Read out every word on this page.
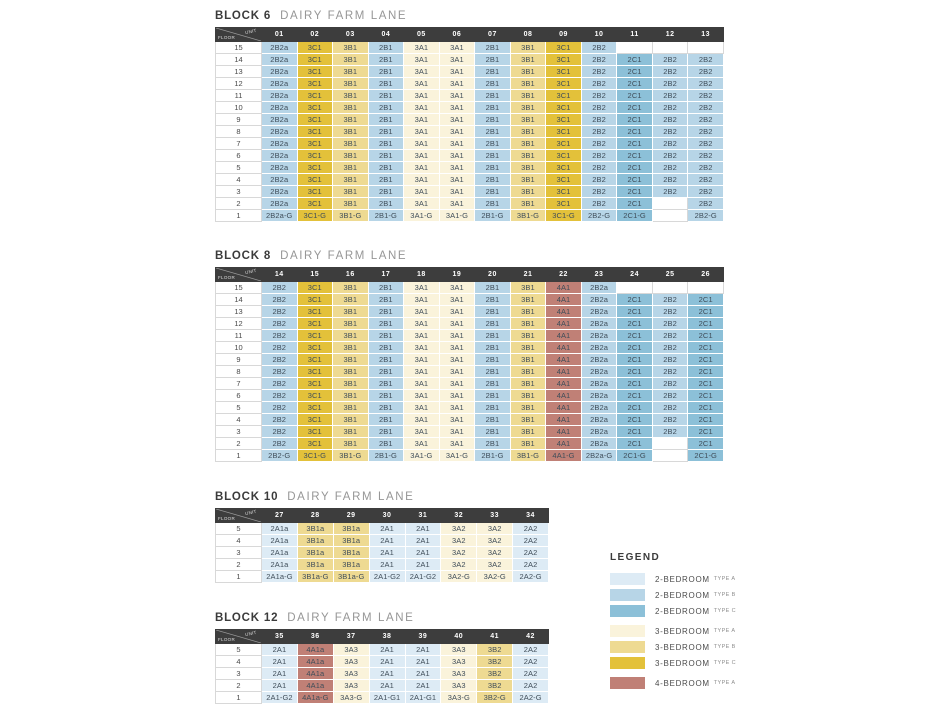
BLOCK 6 DAIRY FARM LANE
UNIT
FLOOR	01	02	03	04	05	06	07	08	09	10	11	12	13
15	2B2a	3C1	3B1	2B1	3A1	3A1	2B1	3B1	3C1	2B2			
14	2B2a	3C1	3B1	2B1	3A1	3A1	2B1	3B1	3C1	2B2	2C1	2B2	2B2
13	2B2a	3C1	3B1	2B1	3A1	3A1	2B1	3B1	3C1	2B2	2C1	2B2	2B2
12	2B2a	3C1	3B1	2B1	3A1	3A1	2B1	3B1	3C1	2B2	2C1	2B2	2B2
11	2B2a	3C1	3B1	2B1	3A1	3A1	2B1	3B1	3C1	2B2	2C1	2B2	2B2
10	2B2a	3C1	3B1	2B1	3A1	3A1	2B1	3B1	3C1	2B2	2C1	2B2	2B2
9	2B2a	3C1	3B1	2B1	3A1	3A1	2B1	3B1	3C1	2B2	2C1	2B2	2B2
8	2B2a	3C1	3B1	2B1	3A1	3A1	2B1	3B1	3C1	2B2	2C1	2B2	2B2
7	2B2a	3C1	3B1	2B1	3A1	3A1	2B1	3B1	3C1	2B2	2C1	2B2	2B2
6	2B2a	3C1	3B1	2B1	3A1	3A1	2B1	3B1	3C1	2B2	2C1	2B2	2B2
5	2B2a	3C1	3B1	2B1	3A1	3A1	2B1	3B1	3C1	2B2	2C1	2B2	2B2
4	2B2a	3C1	3B1	2B1	3A1	3A1	2B1	3B1	3C1	2B2	2C1	2B2	2B2
3	2B2a	3C1	3B1	2B1	3A1	3A1	2B1	3B1	3C1	2B2	2C1	2B2	2B2
2	2B2a	3C1	3B1	2B1	3A1	3A1	2B1	3B1	3C1	2B2	2C1		2B2
1	2B2a-G	3C1-G	3B1-G	2B1-G	3A1-G	3A1-G	2B1-G	3B1-G	3C1-G	2B2-G	2C1-G		2B2-G
BLOCK 8 DAIRY FARM LANE
UNIT
FLOOR	14	15	16	17	18	19	20	21	22	23	24	25	26
15	2B2	3C1	3B1	2B1	3A1	3A1	2B1	3B1	4A1	2B2a			
14	2B2	3C1	3B1	2B1	3A1	3A1	2B1	3B1	4A1	2B2a	2C1	2B2	2C1
13	2B2	3C1	3B1	2B1	3A1	3A1	2B1	3B1	4A1	2B2a	2C1	2B2	2C1
12	2B2	3C1	3B1	2B1	3A1	3A1	2B1	3B1	4A1	2B2a	2C1	2B2	2C1
11	2B2	3C1	3B1	2B1	3A1	3A1	2B1	3B1	4A1	2B2a	2C1	2B2	2C1
10	2B2	3C1	3B1	2B1	3A1	3A1	2B1	3B1	4A1	2B2a	2C1	2B2	2C1
9	2B2	3C1	3B1	2B1	3A1	3A1	2B1	3B1	4A1	2B2a	2C1	2B2	2C1
8	2B2	3C1	3B1	2B1	3A1	3A1	2B1	3B1	4A1	2B2a	2C1	2B2	2C1
7	2B2	3C1	3B1	2B1	3A1	3A1	2B1	3B1	4A1	2B2a	2C1	2B2	2C1
6	2B2	3C1	3B1	2B1	3A1	3A1	2B1	3B1	4A1	2B2a	2C1	2B2	2C1
5	2B2	3C1	3B1	2B1	3A1	3A1	2B1	3B1	4A1	2B2a	2C1	2B2	2C1
4	2B2	3C1	3B1	2B1	3A1	3A1	2B1	3B1	4A1	2B2a	2C1	2B2	2C1
3	2B2	3C1	3B1	2B1	3A1	3A1	2B1	3B1	4A1	2B2a	2C1	2B2	2C1
2	2B2	3C1	3B1	2B1	3A1	3A1	2B1	3B1	4A1	2B2a	2C1		2C1
1	2B2-G	3C1-G	3B1-G	2B1-G	3A1-G	3A1-G	2B1-G	3B1-G	4A1-G	2B2a-G	2C1-G		2C1-G
BLOCK 10 DAIRY FARM LANE
UNIT
FLOOR	27	28	29	30	31	32	33	34
5	2A1a	3B1a	3B1a	2A1	2A1	3A2	3A2	2A2
4	2A1a	3B1a	3B1a	2A1	2A1	3A2	3A2	2A2
3	2A1a	3B1a	3B1a	2A1	2A1	3A2	3A2	2A2
2	2A1a	3B1a	3B1a	2A1	2A1	3A2	3A2	2A2
1	2A1a-G	3B1a-G	3B1a-G	2A1-G2	2A1-G2	3A2-G	3A2-G	2A2-G
BLOCK 12 DAIRY FARM LANE
UNIT
FLOOR	35	36	37	38	39	40	41	42
5	2A1	4A1a	3A3	2A1	2A1	3A3	3B2	2A2
4	2A1	4A1a	3A3	2A1	2A1	3A3	3B2	2A2
3	2A1	4A1a	3A3	2A1	2A1	3A3	3B2	2A2
2	2A1	4A1a	3A3	2A1	2A1	3A3	3B2	2A2
1	2A1-G2	4A1a-G	3A3-G	2A1-G1	2A1-G1	3A3-G	3B2-G	2A2-G
LEGEND
2-BEDROOM TYPE A
2-BEDROOM TYPE B
2-BEDROOM TYPE C
3-BEDROOM TYPE A
3-BEDROOM TYPE B
3-BEDROOM TYPE C
4-BEDROOM TYPE A
